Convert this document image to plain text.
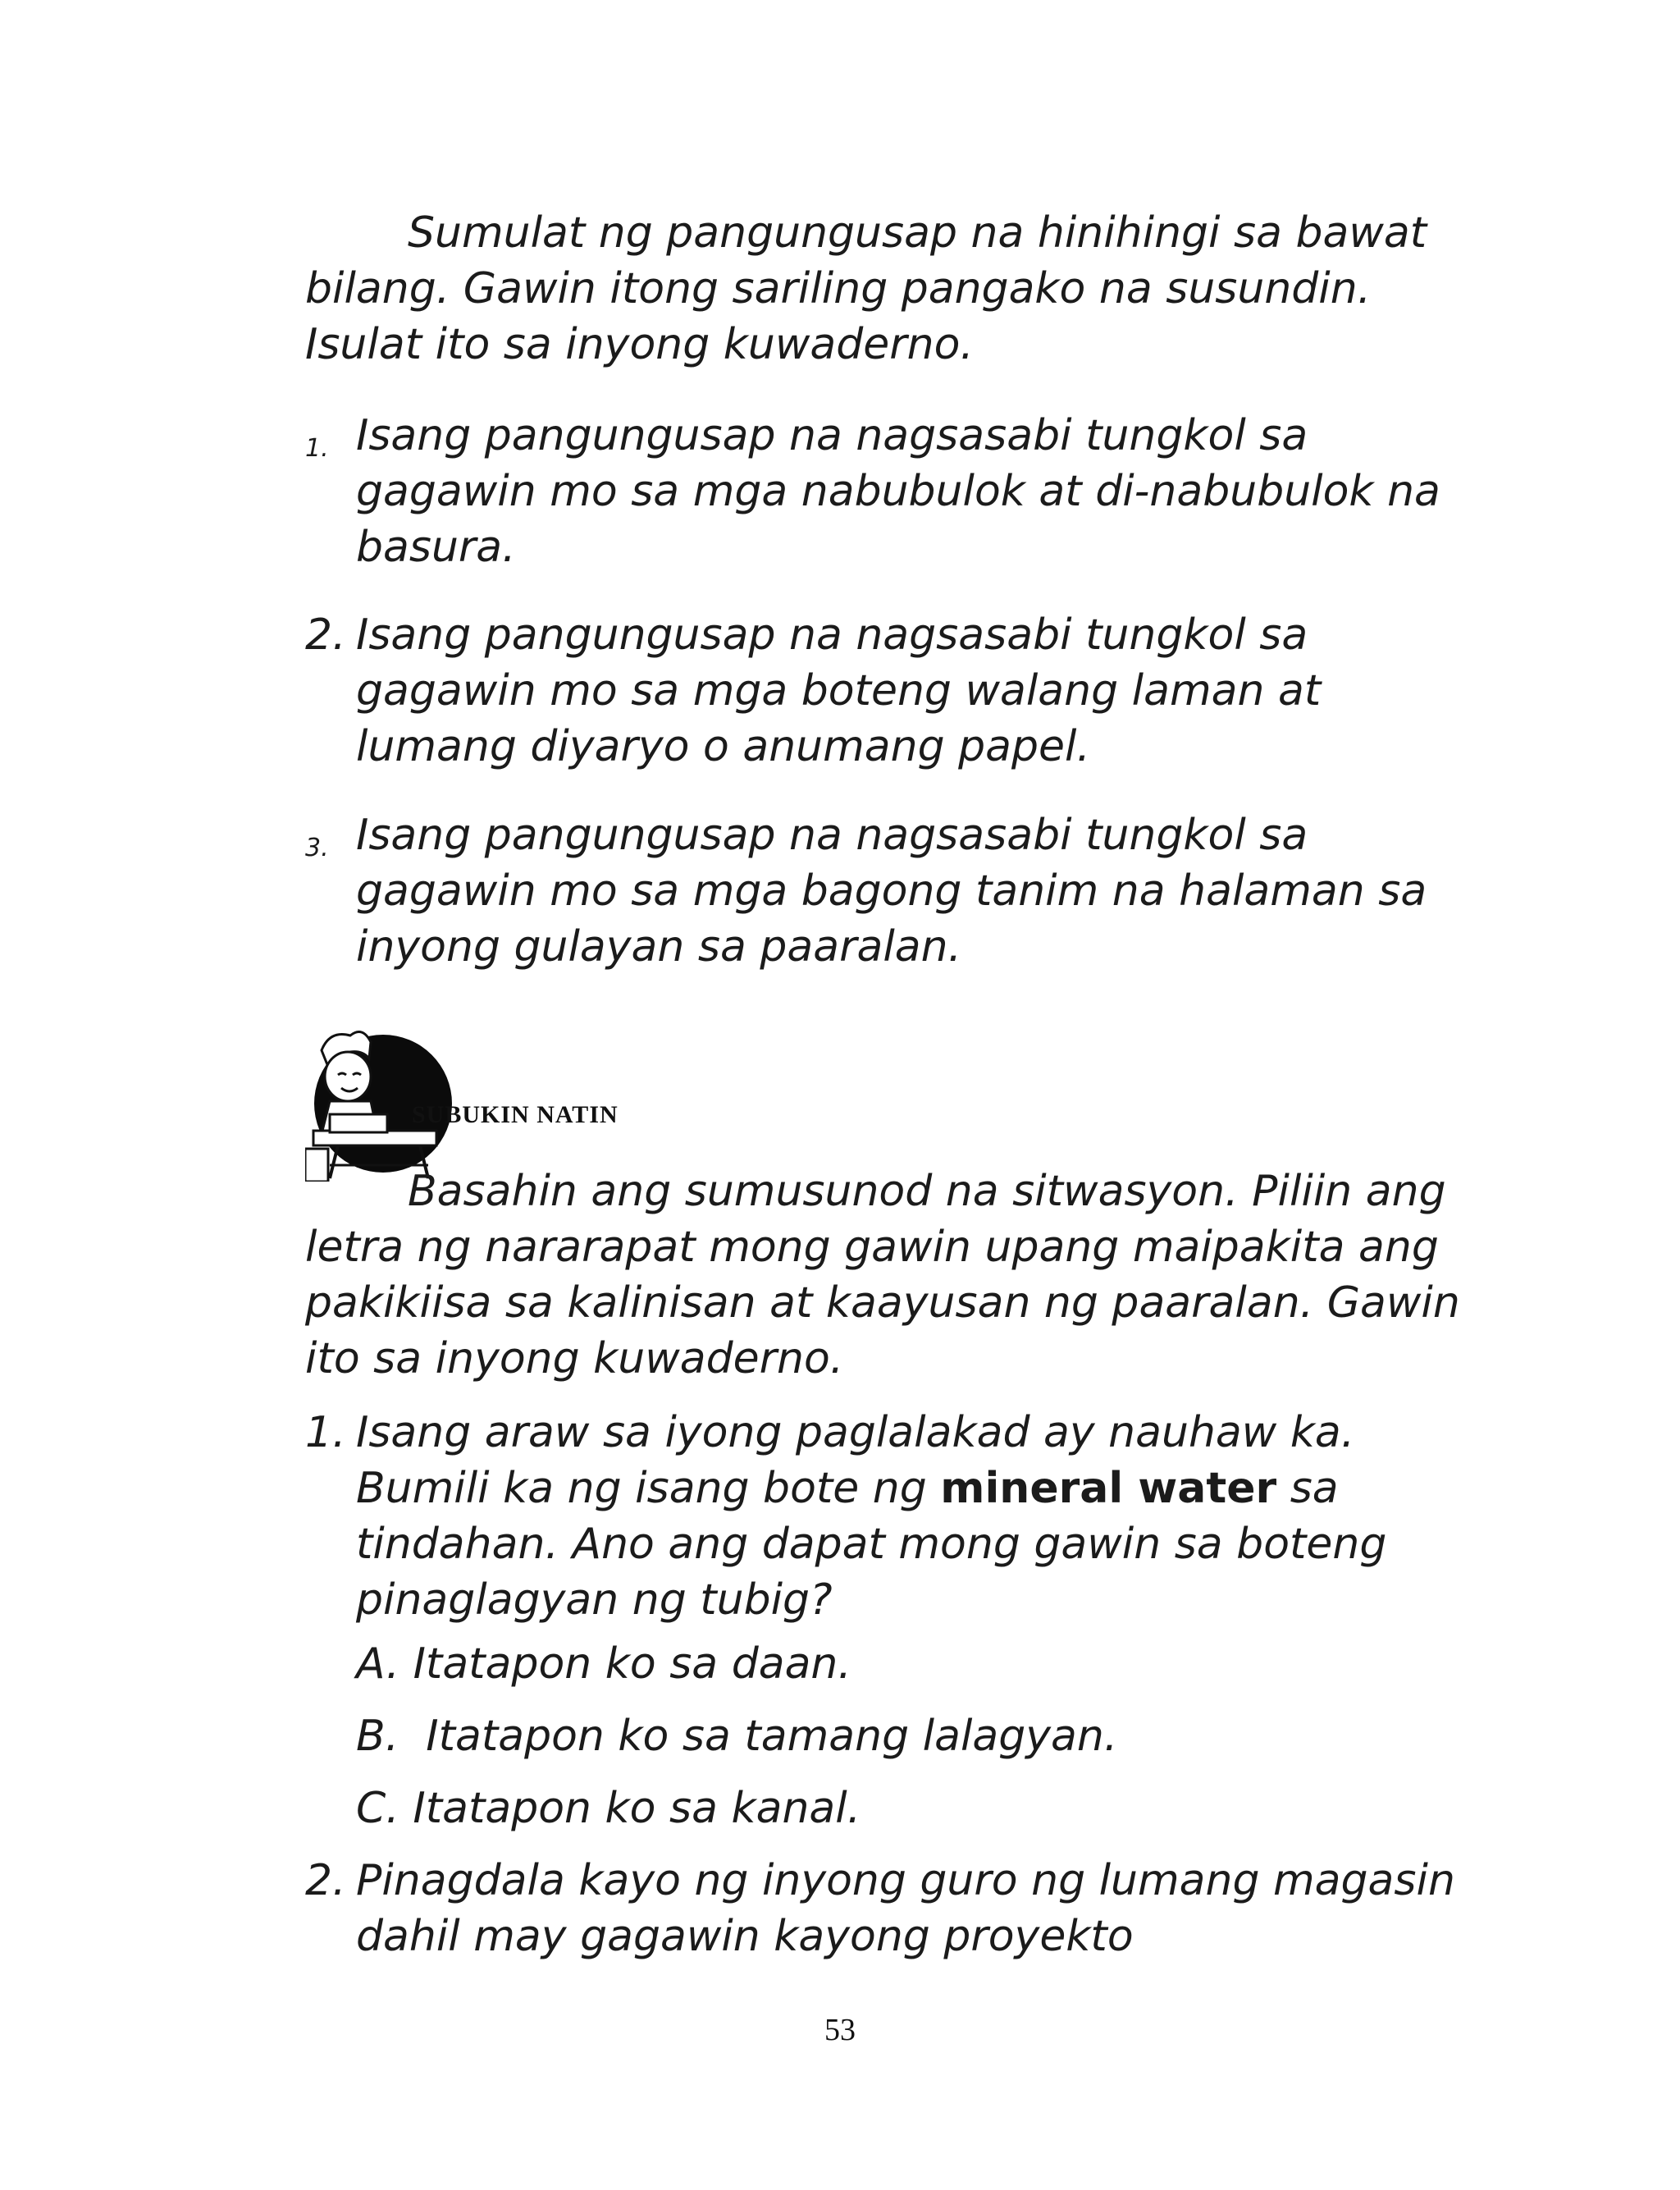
Sumulat ng pangungusap na hinihingi sa bawat bilang. Gawin itong sariling pangako na susundin. Isulat ito sa inyong kuwaderno.

1. Isang pangungusap na nagsasabi tungkol sa gagawin mo sa mga nabubulok at di-nabubulok na basura.
2. Isang pangungusap na nagsasabi tungkol sa gagawin mo sa mga boteng walang laman at lumang diyaryo o anumang papel.
3. Isang pangungusap na nagsasabi tungkol sa gagawin mo sa mga bagong tanim na halaman sa inyong gulayan sa paaralan.
SUBUKIN NATIN

Basahin ang sumusunod na sitwasyon. Piliin ang letra ng nararapat mong gawin upang maipakita ang pakikiisa sa kalinisan at kaayusan ng paaralan. Gawin ito sa inyong kuwaderno.

1. Isang araw sa iyong paglalakad ay nauhaw ka. Bumili ka ng isang bote ng mineral water sa tindahan. Ano ang dapat mong gawin sa boteng pinaglagyan ng tubig?
A. Itatapon ko sa daan.
B.  Itatapon ko sa tamang lalagyan.
C. Itatapon ko sa kanal.
2. Pinagdala kayo ng inyong guro ng lumang magasin dahil may gagawin kayong proyekto
53
